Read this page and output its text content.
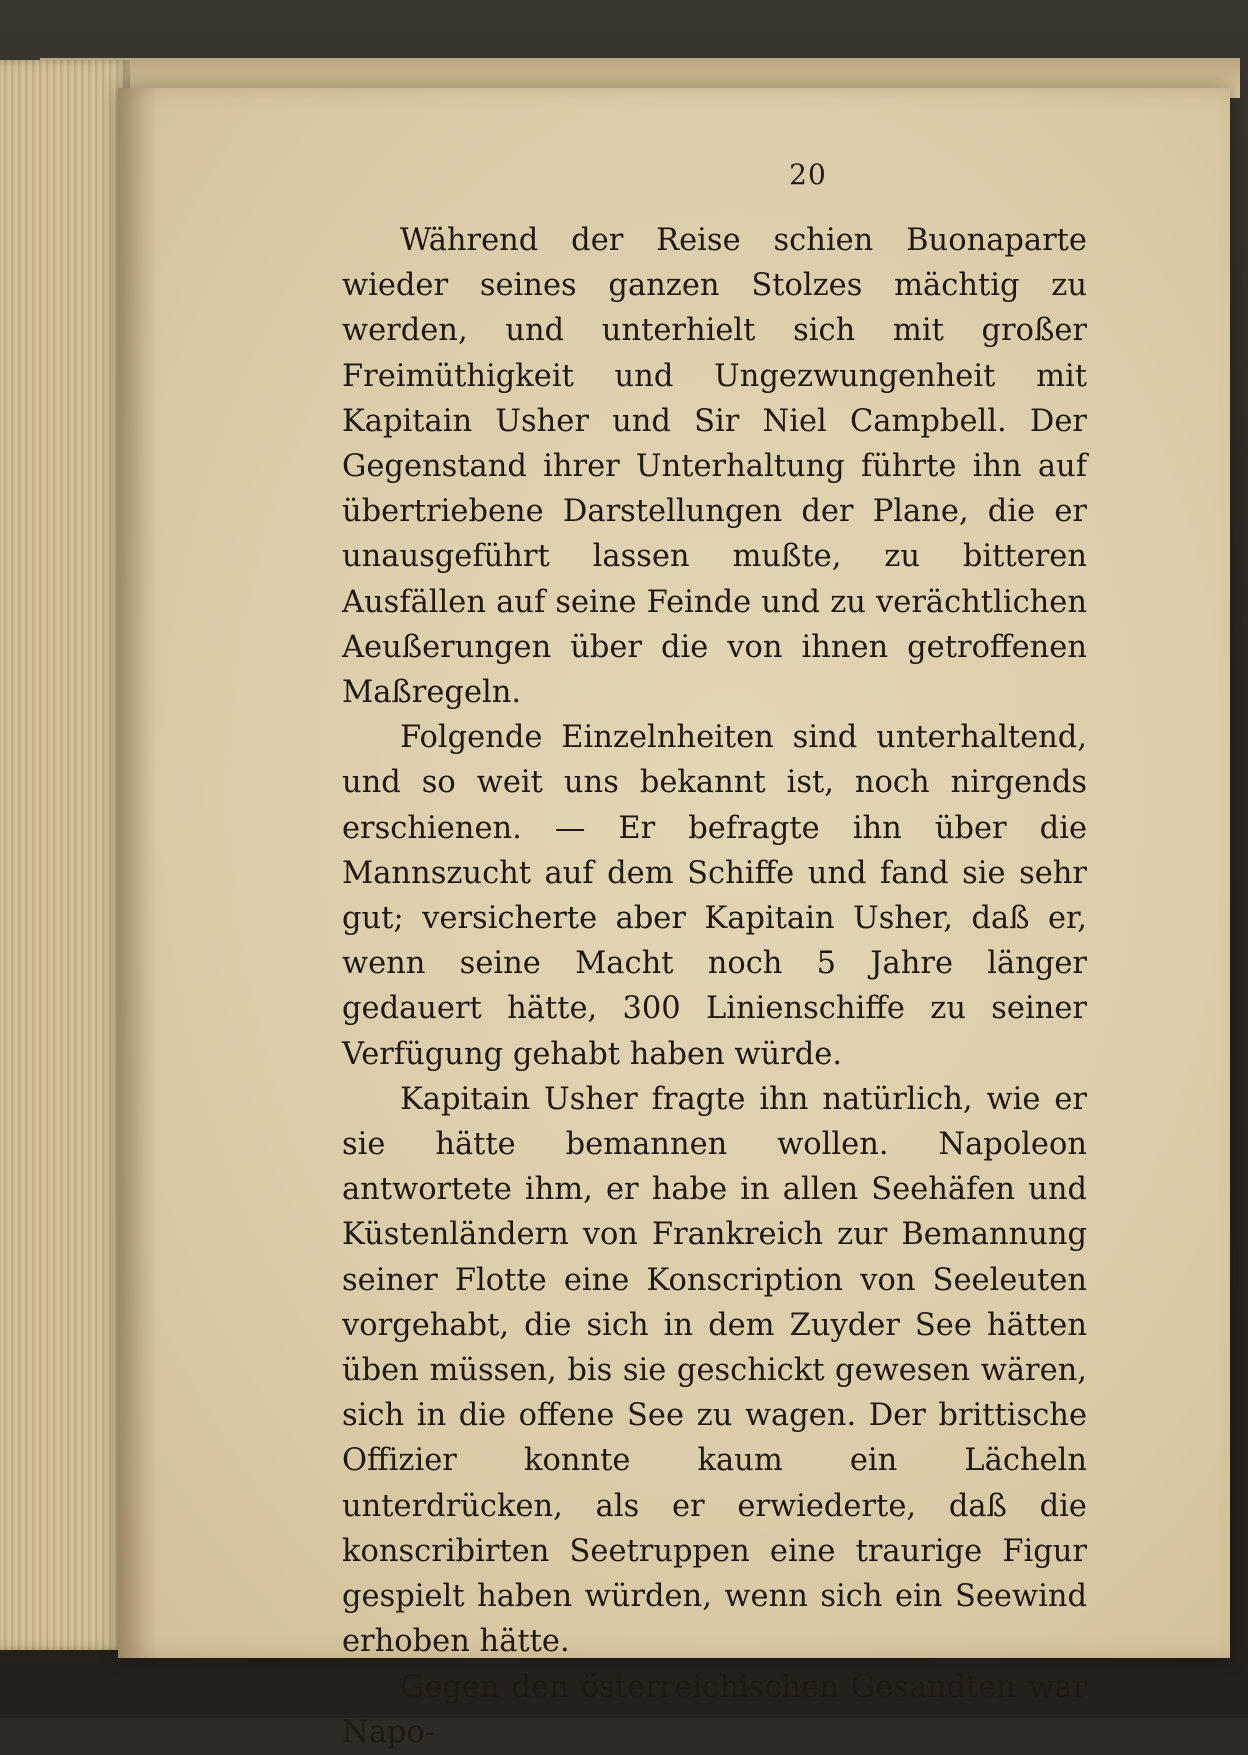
20

Während der Reise schien Buonaparte wieder seines ganzen Stolzes mächtig zu werden, und unterhielt sich mit großer Freimüthigkeit und Ungezwungenheit mit Kapitain Usher und Sir Niel Campbell. Der Gegenstand ihrer Unterhaltung führte ihn auf übertriebene Darstellungen der Plane, die er unausgeführt lassen mußte, zu bitteren Ausfällen auf seine Feinde und zu verächtlichen Aeußerungen über die von ihnen getroffenen Maßregeln.

Folgende Einzelnheiten sind unterhaltend, und so weit uns bekannt ist, noch nirgends erschienen. — Er befragte ihn über die Mannszucht auf dem Schiffe und fand sie sehr gut; versicherte aber Kapitain Usher, daß er, wenn seine Macht noch 5 Jahre länger gedauert hätte, 300 Linienschiffe zu seiner Verfügung gehabt haben würde.

Kapitain Usher fragte ihn natürlich, wie er sie hätte bemannen wollen. Napoleon antwortete ihm, er habe in allen Seehäfen und Küstenländern von Frankreich zur Bemannung seiner Flotte eine Konscription von Seeleuten vorgehabt, die sich in dem Zuyder See hätten üben müssen, bis sie geschickt gewesen wären, sich in die offene See zu wagen. Der brittische Offizier konnte kaum ein Lächeln unterdrücken, als er erwiederte, daß die konscribirten Seetruppen eine traurige Figur gespielt haben würden, wenn sich ein Seewind erhoben hätte.

Gegen den österreichischen Gesandten war Napo-
